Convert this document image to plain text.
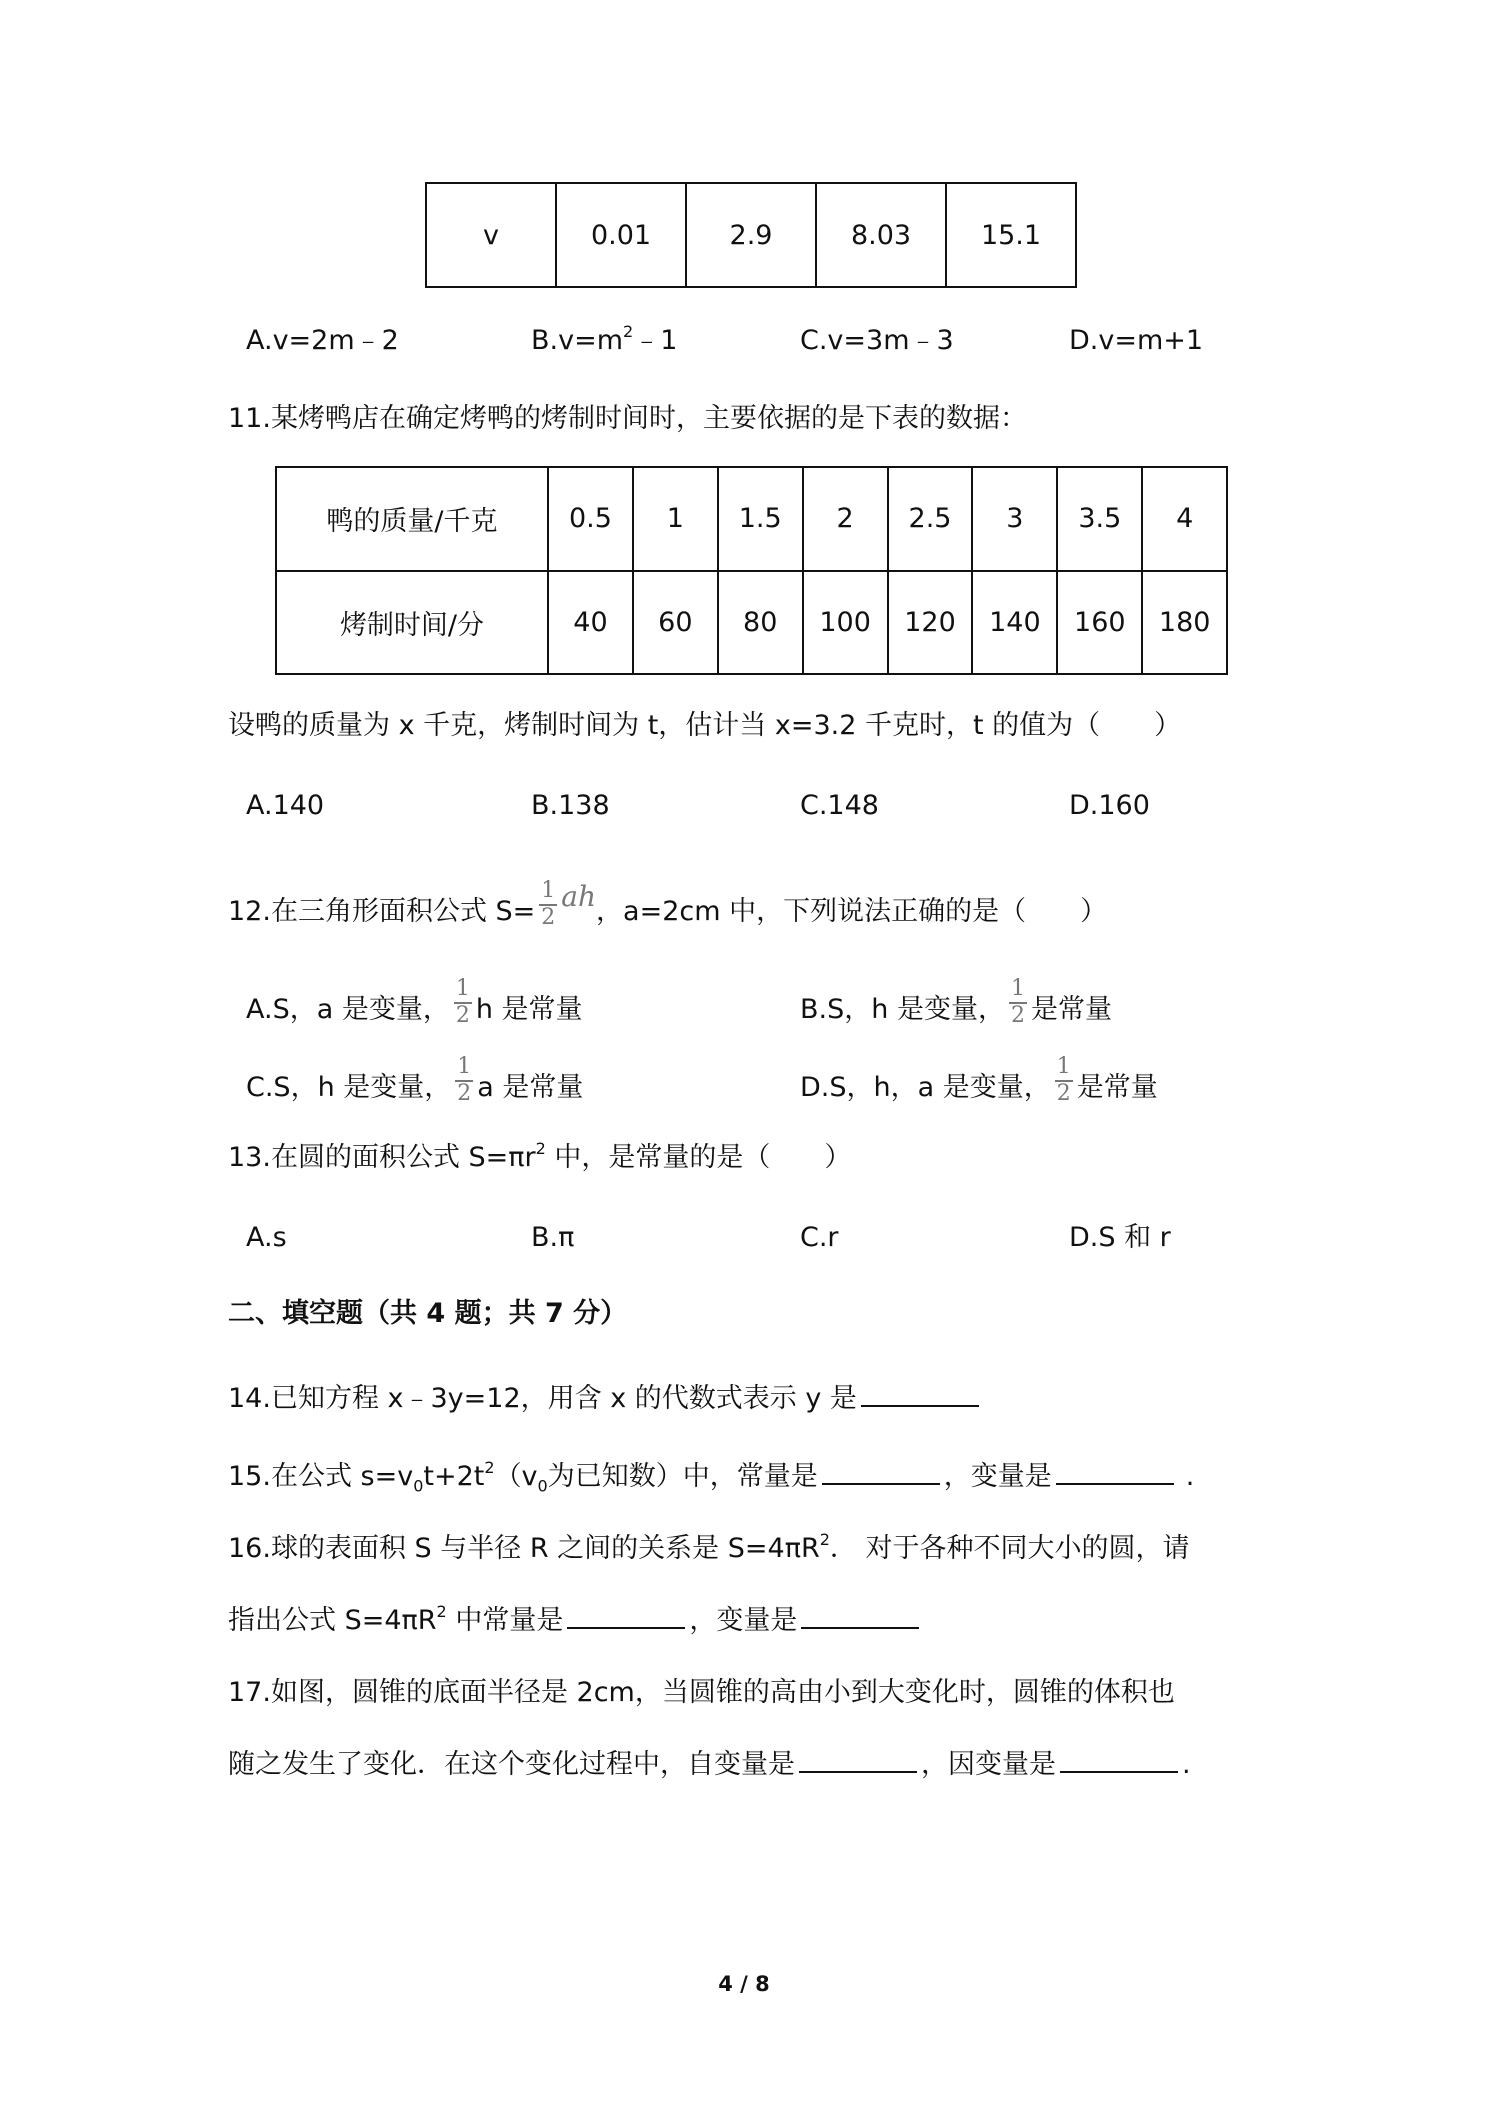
v	0.01	2.9	8.03	15.1
A.v=2m﹣2	$B.v=m^2﹣1$	C.v=3m﹣3	D.v=m+1
11.某烤鸭店在确定烤鸭的烤制时间时，主要依据的是下表的数据：
鸭的质量/千克	0.5	1	1.5	2	2.5	3	3.5	4
烤制时间/分	40	60	80	100	120	140	160	180
设鸭的质量为 x 千克，烤制时间为 t，估计当 x=3.2 千克时，t 的值为（　　）
A.140	B.138	C.148	D.160
12.在三角形面积公式 $S= \frac{1}{2}$ ah，a=2cm 中，下列说法正确的是（　　）
A.S，a 是变量， $\frac{1}{2}$ h 是常量	B.S，h 是变量， $\frac{1}{2}$ 是常量
C.S，h 是变量， $\frac{1}{2}$ a 是常量	D.S，h，a 是变量， $\frac{1}{2}$ 是常量
13.在圆的面积公式 $S=\pi r^2$ 中，是常量的是（　　）
A.s	B.π	C.r	D.S 和 r
二、填空题（共 4 题；共 7 分）
14.已知方程 x﹣3y=12，用含 x 的代数式表示 y 是
15.在公式 $s=v_0t+2t^2(v_0$为已知数）中，常量是	，变量是	.
16.球的表面积 S 与半径 R 之间的关系是 $S=4\pi R^2$． 对于各种不同大小的圆，请
指出公式 $S=4\pi R^2$ 中常量是	，变量是
17.如图，圆锥的底面半径是 2cm，当圆锥的高由小到大变化时，圆锥的体积也
随之发生了变化．在这个变化过程中，自变量是	，因变量是	.
4 / 8
